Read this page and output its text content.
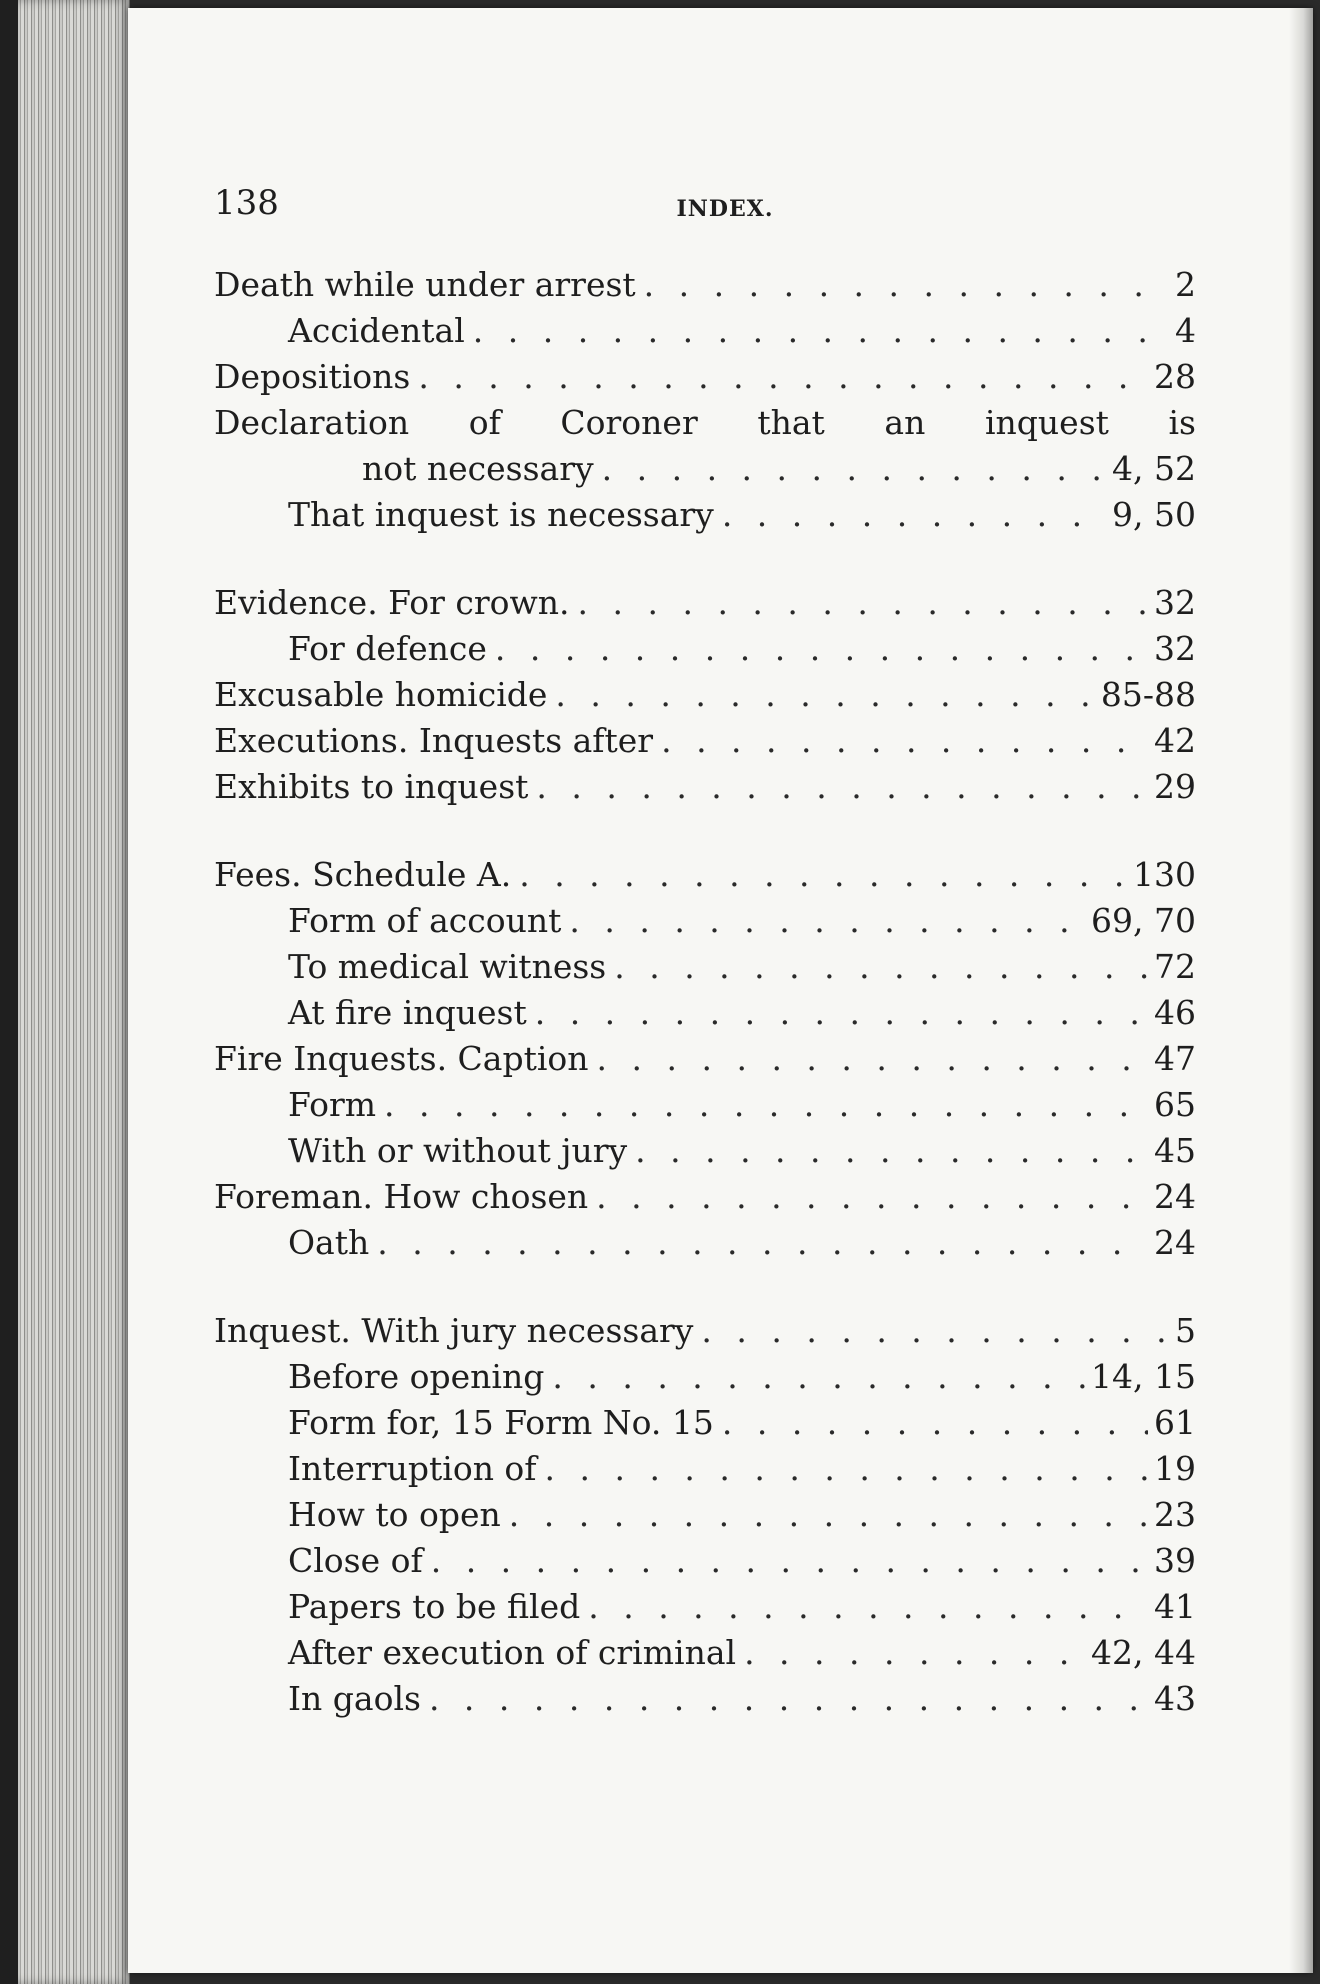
138	INDEX.
Death while under arrest . . .	2
Accidental . . .	4
Depositions . . .	28
Declaration of Coroner that an inquest is
not necessary . . .	4, 52
That inquest is necessary . . .	9, 50
Evidence. For crown. . . .	32
For defence . . .	32
Excusable homicide . . .	85-88
Executions. Inquests after . . .	42
Exhibits to inquest . . .	29
Fees. Schedule A. . . .	130
Form of account . . .	69, 70
To medical witness . . .	72
At fire inquest . . .	46
Fire Inquests. Caption . . .	47
Form . . .	65
With or without jury . . .	45
Foreman. How chosen . . .	24
Oath . . .	24
Inquest. With jury necessary . . .	5
Before opening . . .	14, 15
Form for, 15 Form No. 15 . . .	61
Interruption of . . .	19
How to open . . .	23
Close of . . .	39
Papers to be filed . . .	41
After execution of criminal . . .	42, 44
In gaols . . .	43
